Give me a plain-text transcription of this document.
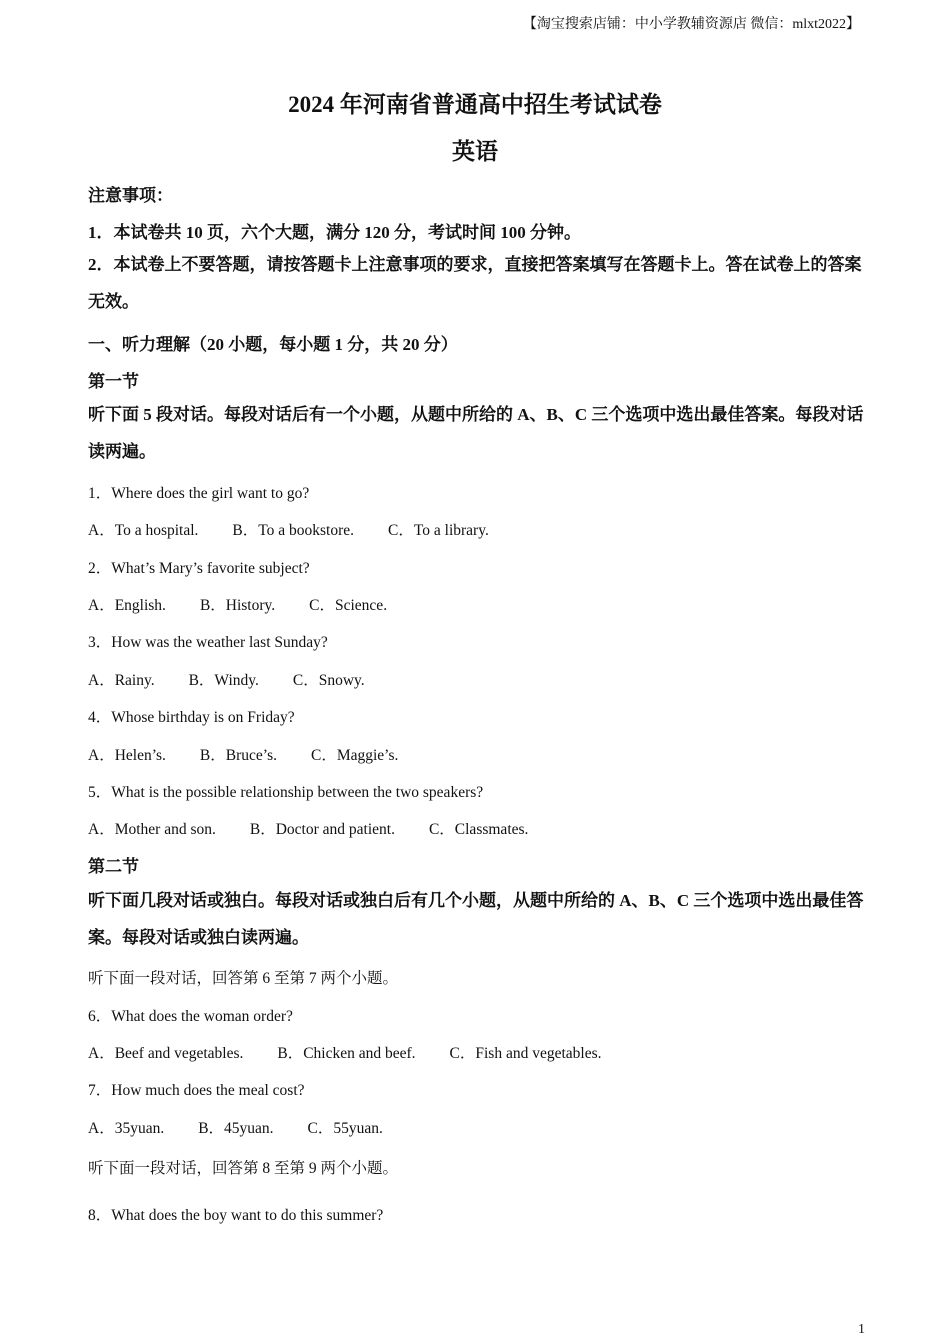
【淘宝搜索店铺：中小学教辅资源店 微信：mlxt2022】
2024 年河南省普通高中招生考试试卷
英语
注意事项：
1．本试卷共 10 页，六个大题，满分 120 分，考试时间 100 分钟。
2．本试卷上不要答题，请按答题卡上注意事项的要求，直接把答案填写在答题卡上。答在试卷上的答案无效。
一、听力理解（20 小题，每小题 1 分，共 20 分）
第一节
听下面 5 段对话。每段对话后有一个小题，从题中所给的 A、B、C 三个选项中选出最佳答案。每段对话读两遍。
1．Where does the girl want to go?
A．To a hospital. B．To a bookstore. C．To a library.
2．What’s Mary’s favorite subject?
A．English. B．History. C．Science.
3．How was the weather last Sunday?
A．Rainy. B．Windy. C．Snowy.
4．Whose birthday is on Friday?
A．Helen’s. B．Bruce’s. C．Maggie’s.
5．What is the possible relationship between the two speakers?
A．Mother and son. B．Doctor and patient. C．Classmates.
第二节
听下面几段对话或独白。每段对话或独白后有几个小题，从题中所给的 A、B、C 三个选项中选出最佳答案。每段对话或独白读两遍。
听下面一段对话，回答第 6 至第 7 两个小题。
6．What does the woman order?
A．Beef and vegetables. B．Chicken and beef. C．Fish and vegetables.
7．How much does the meal cost?
A．35yuan. B．45yuan. C．55yuan.
听下面一段对话，回答第 8 至第 9 两个小题。
8．What does the boy want to do this summer?
1
